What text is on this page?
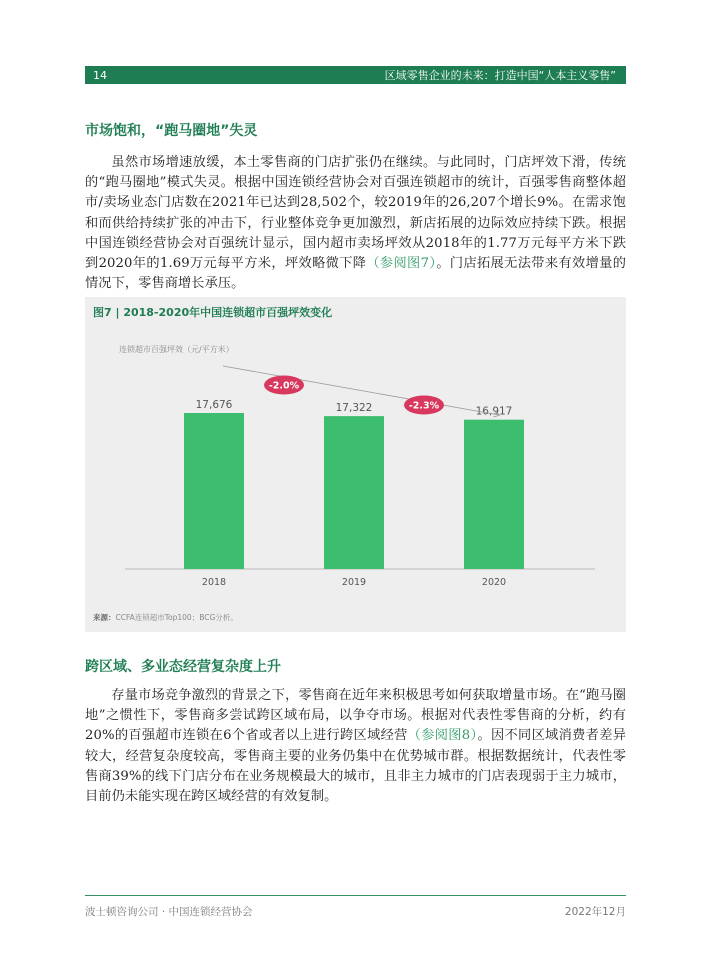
14	区域零售企业的未来：打造中国“人本主义零售”
市场饱和，“跑马圈地”失灵
虽然市场增速放缓，本土零售商的门店扩张仍在继续。与此同时，门店坪效下滑，传统的“跑马圈地”模式失灵。根据中国连锁经营协会对百强连锁超市的统计，百强零售商整体超市/卖场业态门店数在2021年已达到28,502个，较2019年的26,207个增长9%。在需求饱和而供给持续扩张的冲击下，行业整体竞争更加激烈，新店拓展的边际效应持续下跌。根据中国连锁经营协会对百强统计显示，国内超市卖场坪效从2018年的1.77万元每平方米下跌到2020年的1.69万元每平方米，坪效略微下降（参阅图7）。门店拓展无法带来有效增量的情况下，零售商增长承压。
图7 | 2018-2020年中国连锁超市百强坪效变化
连锁超市百强坪效（元/平方米）
17,676
2018
17,322
2019
16,917
2020
-2.0%
-2.3%
来源：CCFA连锁超市Top100；BCG分析。
跨区域、多业态经营复杂度上升
存量市场竞争激烈的背景之下，零售商在近年来积极思考如何获取增量市场。在“跑马圈地”之惯性下，零售商多尝试跨区域布局，以争夺市场。根据对代表性零售商的分析，约有20%的百强超市连锁在6个省或者以上进行跨区域经营（参阅图8）。因不同区域消费者差异较大，经营复杂度较高，零售商主要的业务仍集中在优势城市群。根据数据统计，代表性零售商39%的线下门店分布在业务规模最大的城市，且非主力城市的门店表现弱于主力城市，目前仍未能实现在跨区域经营的有效复制。
波士顿咨询公司 · 中国连锁经营协会	2022年12月
